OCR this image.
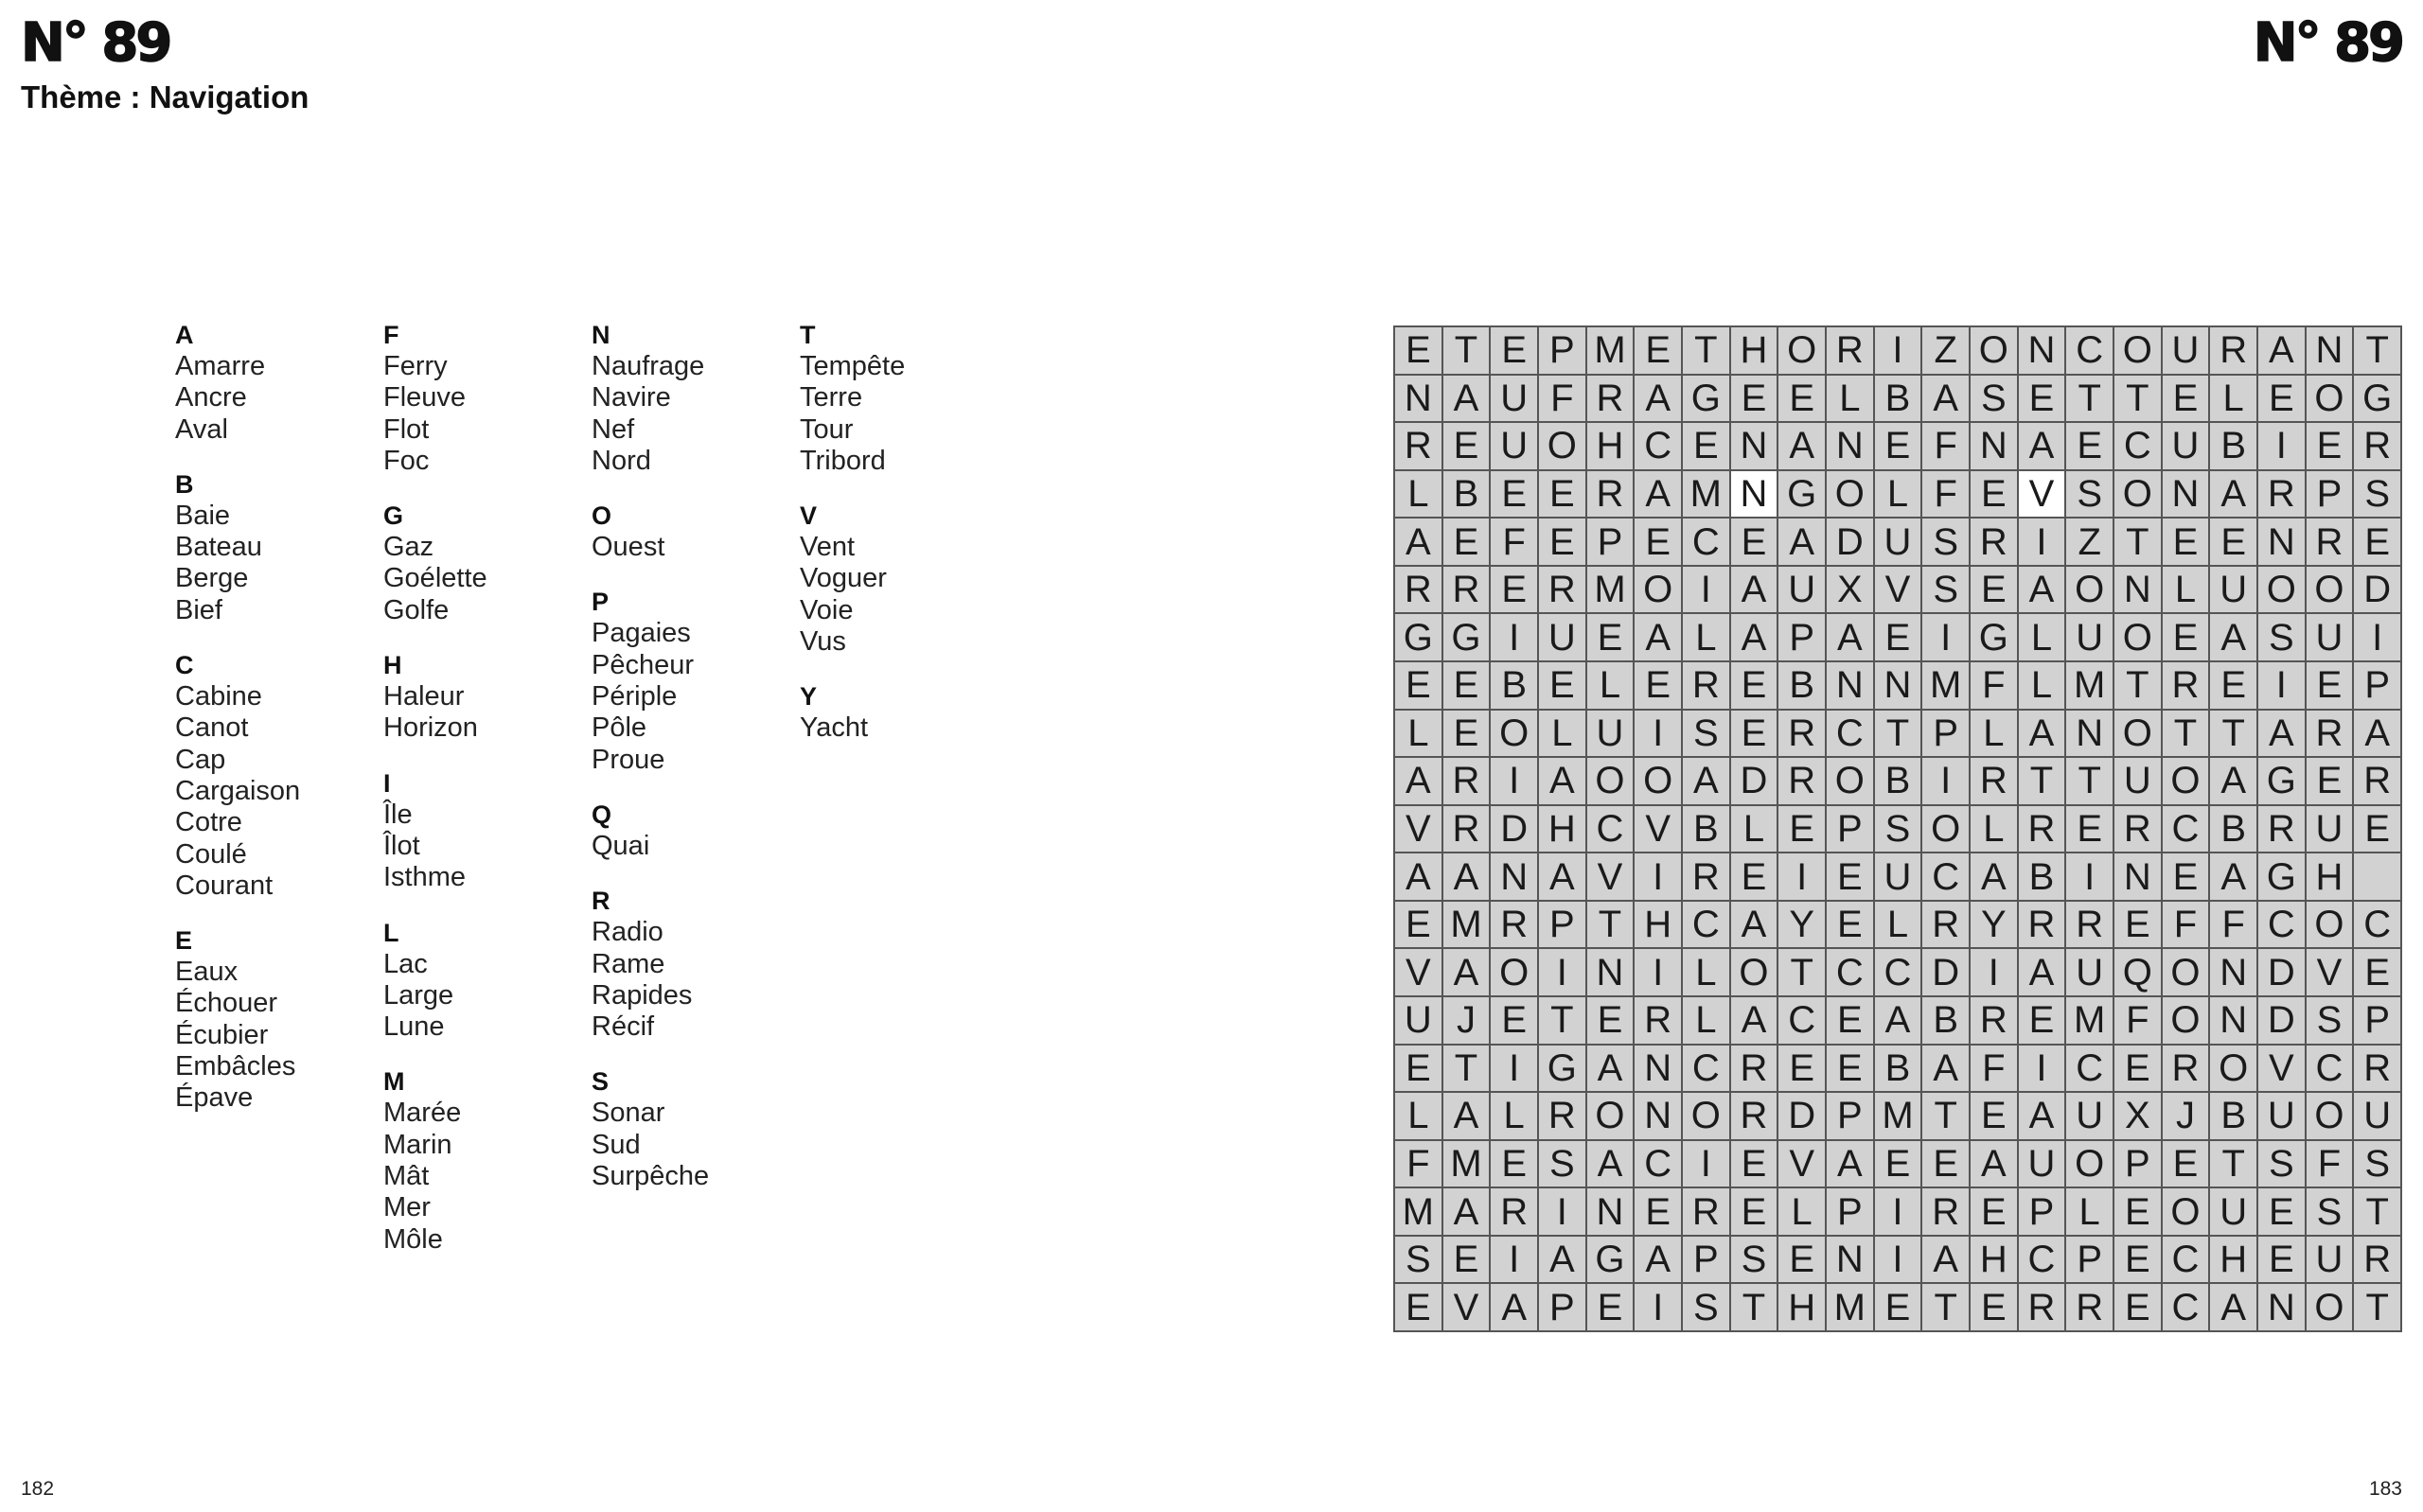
N° 89	N° 89
Thème : Navigation
A
Amarre
Ancre
Aval
B
Baie
Bateau
Berge
Bief
C
Cabine
Canot
Cap
Cargaison
Cotre
Coulé
Courant
E
Eaux
Échouer
Écubier
Embâcles
Épave
F
Ferry
Fleuve
Flot
Foc
G
Gaz
Goélette
Golfe
H
Haleur
Horizon
I
Île
Îlot
Isthme
L
Lac
Large
Lune
M
Marée
Marin
Mât
Mer
Môle
N
Naufrage
Navire
Nef
Nord
O
Ouest
P
Pagaies
Pêcheur
Périple
Pôle
Proue
Q
Quai
R
Radio
Rame
Rapides
Récif
S
Sonar
Sud
Surpêche
T
Tempête
Terre
Tour
Tribord
V
Vent
Voguer
Voie
Vus
Y
Yacht
E T E P M E T H O R I Z O N C O U R A N T
N A U F R A G E E L B A S E T T E L E O G
R E U O H C E N A N E F N A E C U B I E R
L B E E R A M N G O L F E V S O N A R P S
A E F E P E C E A D U S R I Z T E E N R E
R R E R M O I A U X V S E A O N L U O O D
G G I U E A L A P A E I G L U O E A S U I
E E B E L E R E B N N M F L M T R E I E P
L E O L U I S E R C T P L A N O T T A R A
A R I A O O A D R O B I R T T U O A G E R
V R D H C V B L E P S O L R E R C B R U E
A A N A V I R E I E U C A B I N E A G H
E M R P T H C A Y E L R Y R R E F F C O C
V A O I N I L O T C C D I A U Q O N D V E
U J E T E R L A C E A B R E M F O N D S P
E T I G A N C R E E B A F I C E R O V C R
L A L R O N O R D P M T E A U X J B U O U
F M E S A C I E V A E E A U O P E T S F S
M A R I N E R E L P I R E P L E O U E S T
S E I A G A P S E N I A H C P E C H E U R
E V A P E I S T H M E T E R R E C A N O T
182	183
